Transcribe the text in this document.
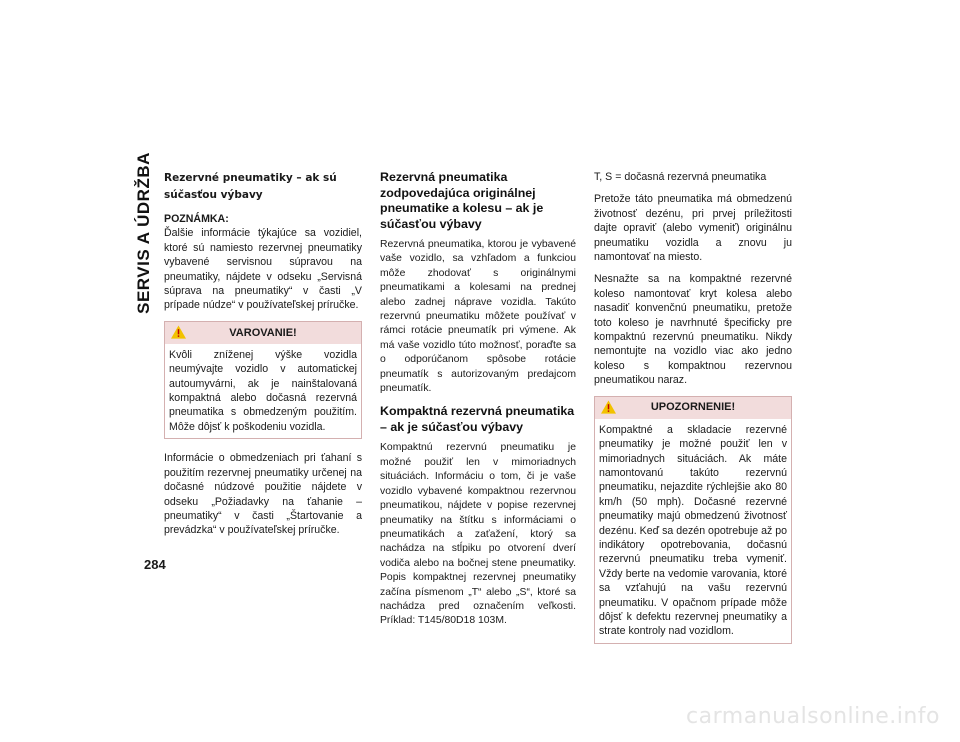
SERVIS A ÚDRŽBA Rezervné pneumatiky – ak sú súčasťou výbavy
POZNÁMKA:

Ďalšie informácie týkajúce sa vozidiel, ktoré sú namiesto rezervnej pneumatiky vybavené servisnou súpravou na pneumatiky, nájdete v odseku „Servisná súprava na pneumatiky“ v časti „V prípade núdze“ v používateľskej príručke.

VAROVANIE!
Kvôli zníženej výške vozidla neumývajte vozidlo v automatickej autoumyvárni, ak je nainštalovaná kompaktná alebo dočasná rezervná pneumatika s obmedzeným použitím. Môže dôjsť k poškodeniu vozidla.

Informácie o obmedzeniach pri ťahaní s použitím rezervnej pneumatiky určenej na dočasné núdzové použitie nájdete v odseku „Požiadavky na ťahanie – pneumatiky“ v časti „Štartovanie a prevádzka“ v používateľskej príručke.

Rezervná pneumatika zodpovedajúca originálnej pneumatike a kolesu – ak je súčasťou výbavy

Rezervná pneumatika, ktorou je vybavené vaše vozidlo, sa vzhľadom a funkciou môže zhodovať s originálnymi pneumatikami a kolesami na prednej alebo zadnej náprave vozidla. Takúto rezervnú pneumatiku môžete používať v rámci rotácie pneumatík pri výmene. Ak má vaše vozidlo túto možnosť, poraďte sa o odporúčanom spôsobe rotácie pneumatík s autorizovaným predajcom pneumatík.

Kompaktná rezervná pneumatika – ak je súčasťou výbavy

Kompaktnú rezervnú pneumatiku je možné použiť len v mimoriadnych situáciách. Informáciu o tom, či je vaše vozidlo vybavené kompaktnou rezervnou pneumatikou, nájdete v popise rezervnej pneumatiky na štítku s informáciami o pneumatikách a zaťažení, ktorý sa nachádza na stĺpiku po otvorení dverí vodiča alebo na bočnej stene pneumatiky. Popis kompaktnej rezervnej pneumatiky začína písmenom „T“ alebo „S“, ktoré sa nachádza pred označením veľkosti. Príklad: T145/80D18 103M.

T, S = dočasná rezervná pneumatika

Pretože táto pneumatika má obmedzenú životnosť dezénu, pri prvej príležitosti dajte opraviť (alebo vymeniť) originálnu pneumatiku vozidla a znovu ju namontovať na miesto.

Nesnažte sa na kompaktné rezervné koleso namontovať kryt kolesa alebo nasadiť konvenčnú pneumatiku, pretože toto koleso je navrhnuté špecificky pre kompaktnú rezervnú pneumatiku. Nikdy nemontujte na vozidlo viac ako jedno koleso s kompaktnou rezervnou pneumatikou naraz.

UPOZORNENIE!
Kompaktné a skladacie rezervné pneumatiky je možné použiť len v mimoriadnych situáciách. Ak máte namontovanú takúto rezervnú pneumatiku, nejazdite rýchlejšie ako 80 km/h (50 mph). Dočasné rezervné pneumatiky majú obmedzenú životnosť dezénu. Keď sa dezén opotrebuje až po indikátory opotrebovania, dočasnú rezervnú pneumatiku treba vymeniť. Vždy berte na vedomie varovania, ktoré sa vzťahujú na vašu rezervnú pneumatiku. V opačnom prípade môže dôjsť k defektu rezervnej pneumatiky a strate kontroly nad vozidlom.
284
carmanualsonline.info
